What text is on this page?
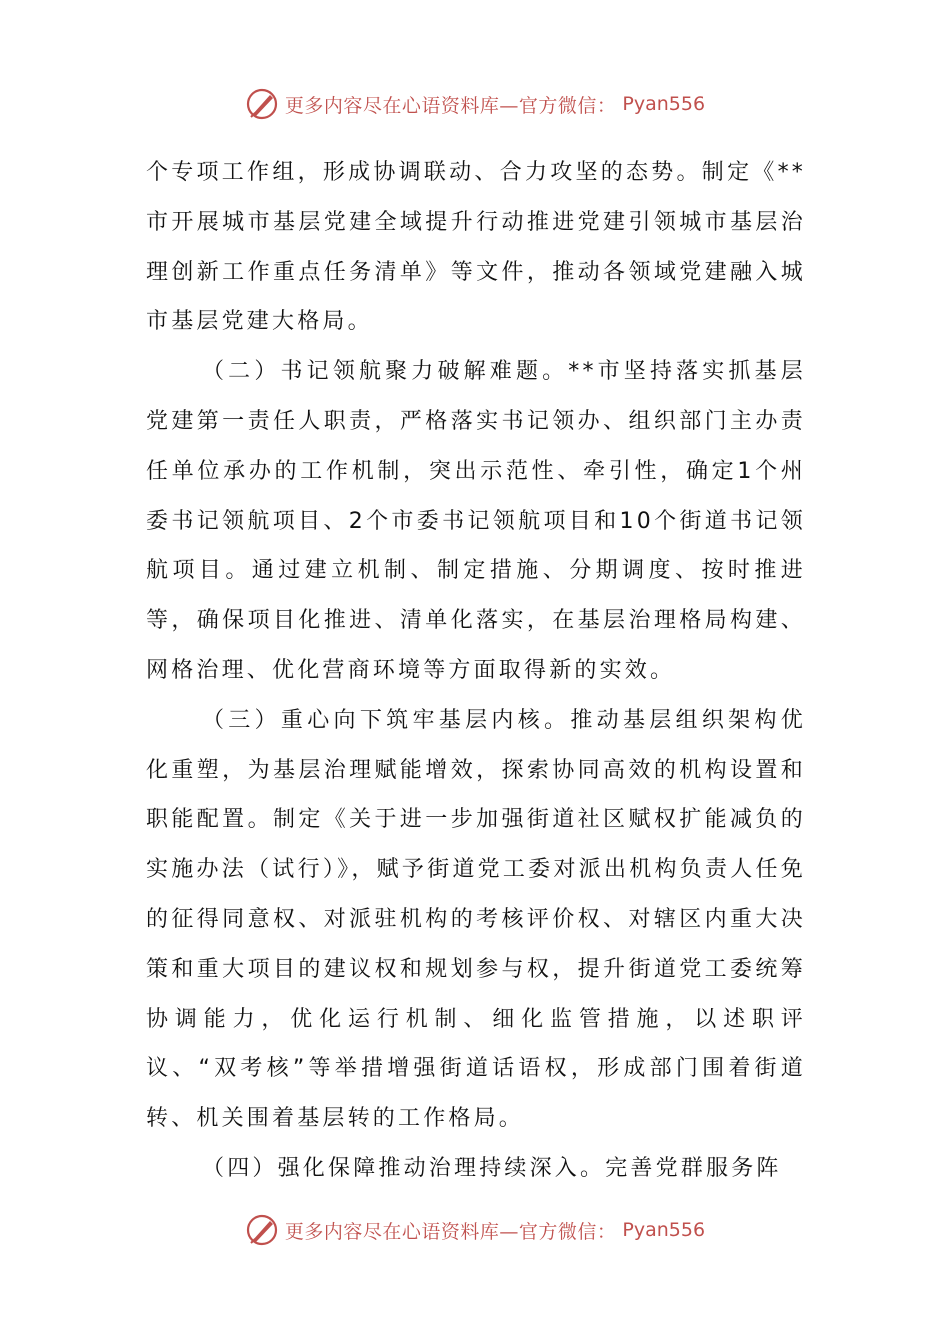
更多内容尽在心语资料库—官方微信： Pyan556

个专项工作组，形成协调联动、合力攻坚的态势。制定《**市开展城市基层党建全域提升行动推进党建引领城市基层治理创新工作重点任务清单》等文件，推动各领域党建融入城市基层党建大格局。

（二）书记领航聚力破解难题。**市坚持落实抓基层党建第一责任人职责，严格落实书记领办、组织部门主办责任单位承办的工作机制，突出示范性、牵引性，确定1个州委书记领航项目、2个市委书记领航项目和10个街道书记领航项目。通过建立机制、制定措施、分期调度、按时推进等，确保项目化推进、清单化落实，在基层治理格局构建、网格治理、优化营商环境等方面取得新的实效。

（三）重心向下筑牢基层内核。推动基层组织架构优化重塑，为基层治理赋能增效，探索协同高效的机构设置和职能配置。制定《关于进一步加强街道社区赋权扩能减负的实施办法（试行）》，赋予街道党工委对派出机构负责人任免的征得同意权、对派驻机构的考核评价权、对辖区内重大决策和重大项目的建议权和规划参与权，提升街道党工委统筹协调能力，优化运行机制、细化监管措施，以述职评议、“双考核”等举措增强街道话语权，形成部门围着街道转、机关围着基层转的工作格局。

（四）强化保障推动治理持续深入。完善党群服务阵

更多内容尽在心语资料库—官方微信： Pyan556
